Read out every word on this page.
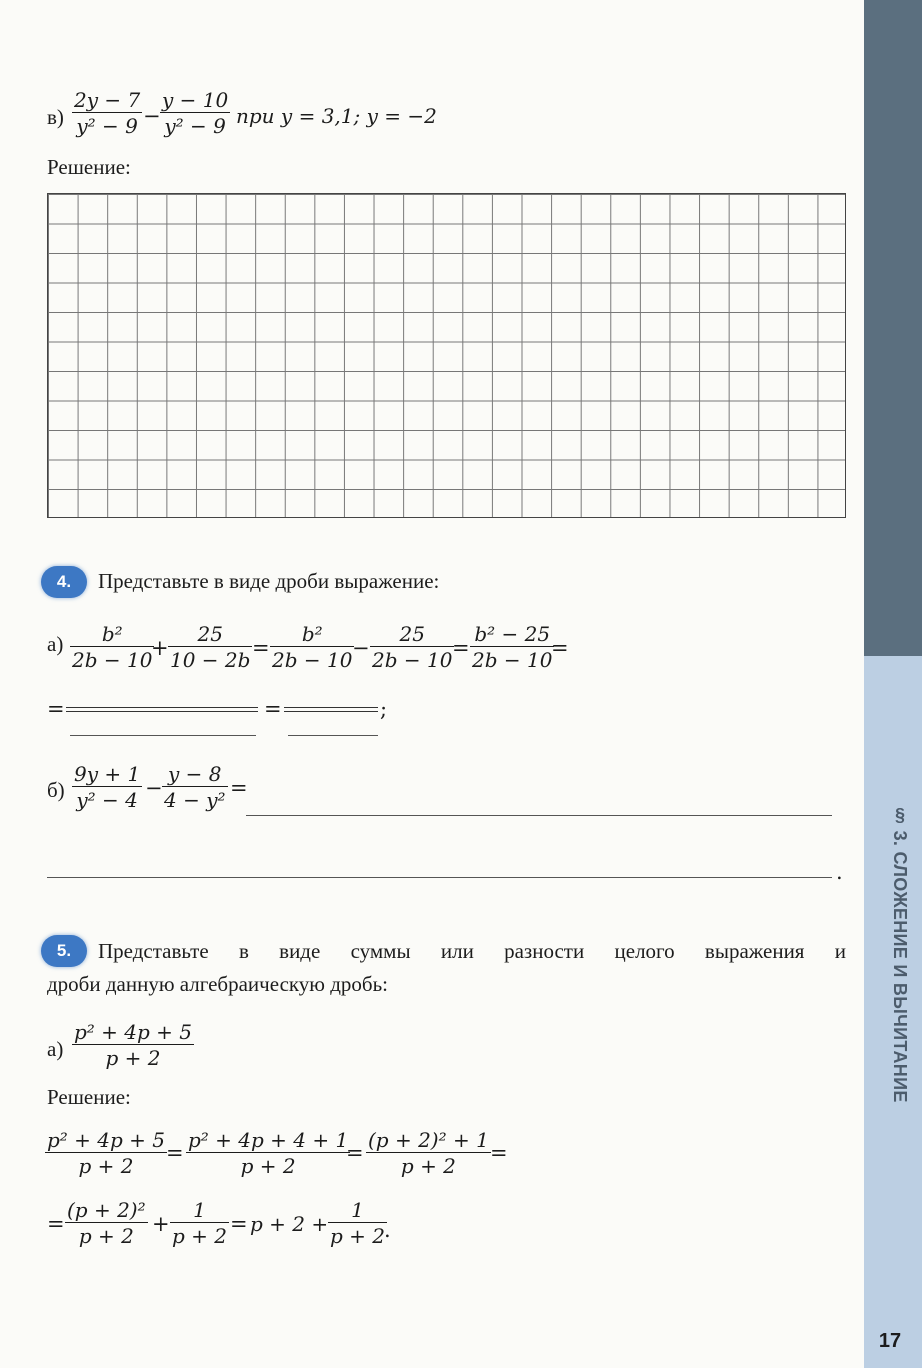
§ 3. СЛОЖЕНИЕ И ВЫЧИТАНИЕ
17
$в) \frac{2y - 7}{\text{y² − 9}} - \frac{y - 10}{\text{y² − 9}}$ при y = 3,1; y = −2
Решение:
4.	Представьте в виде дроби выражение:
$а) \frac{\text{b²}}{2b - 10}$
+ $\frac{25}{10 - 2b} = \frac{\text{b²}}{2b - 10}$
− $\frac{25}{2b - 10}$
= $\frac{\text{b² − 25}}{2b - 10}$
=
=	=	;
$б) \frac{9y + 1}{\text{y² − 4}} - \frac{y - 8}{\text{4 − y²}}$ =
.
5.	Представьте в виде суммы или разности целого выражения и
дроби данную алгебраическую дробь:
$а) \frac{\text{p² + 4p + 5}}{p + 2}$
Решение:
$\frac{\text{p² + 4p + 5}}{p + 2}$
= $\frac{\text{p² + 4p + 4 + 1}}{p + 2}$
= $\frac{\text{(p + 2)² + 1}}{p + 2}$ =
= $\frac{\text{(p + 2)²}}{p + 2} + \frac{1}{p + 2} = p + 2 + \frac{1}{p + 2}$
.
